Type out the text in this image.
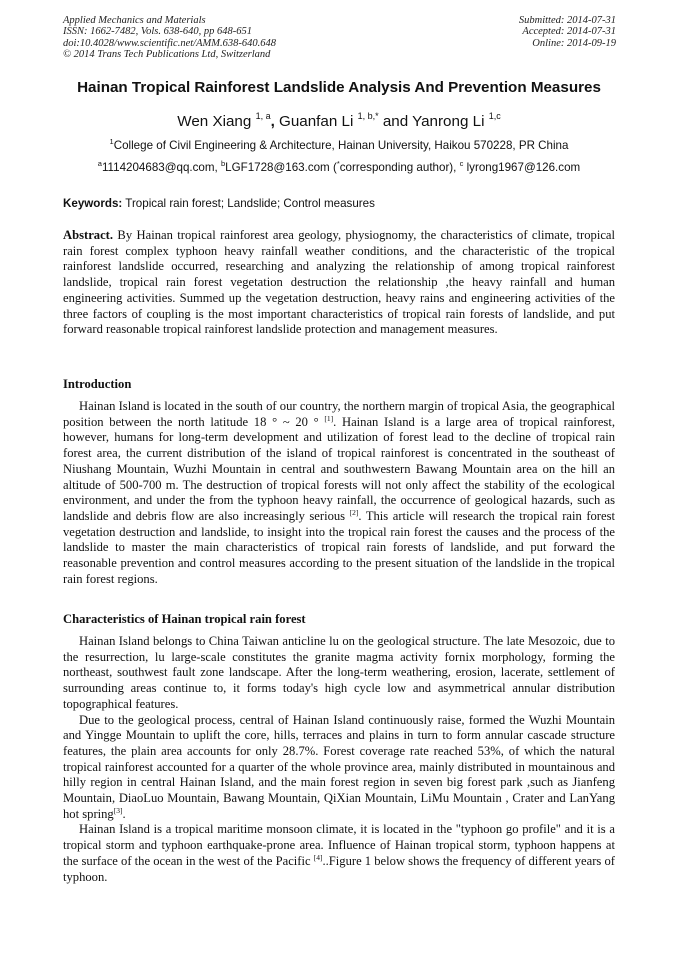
Applied Mechanics and Materials
ISSN: 1662-7482, Vols. 638-640, pp 648-651
doi:10.4028/www.scientific.net/AMM.638-640.648
© 2014 Trans Tech Publications Ltd, Switzerland
Submitted: 2014-07-31
Accepted: 2014-07-31
Online: 2014-09-19
Hainan Tropical Rainforest Landslide Analysis And Prevention Measures
Wen Xiang $^{1, a}$, Guanfan Li $^{1, b,*}$ and Yanrong Li $^{1,c}$
$^1$College of Civil Engineering & Architecture, Hainan University, Haikou 570228, PR China
$^a$1114204683@qq.com, $^b$LGF1728@163.com (*corresponding author), $^c$ lyrong1967@126.com
Keywords: Tropical rain forest; Landslide; Control measures

Abstract. By Hainan tropical rainforest area geology, physiognomy, the characteristics of climate, tropical rain forest complex typhoon heavy rainfall weather conditions, and the characteristic of the tropical rainforest landslide occurred, researching and analyzing the relationship of among tropical rainforest landslide, tropical rain forest vegetation destruction the relationship ,the heavy rainfall and human engineering activities. Summed up the vegetation destruction, heavy rains and engineering activities of the three factors of coupling is the most important characteristics of tropical rain forests of landslide, and put forward reasonable tropical rainforest landslide protection and management measures.

Introduction

Hainan Island is located in the south of our country, the northern margin of tropical Asia, the geographical position between the north latitude 18 ° ~ 20 ° [1]. Hainan Island is a large area of tropical rainforest, however, humans for long-term development and utilization of forest lead to the decline of tropical rain forest area, the current distribution of the island of tropical rainforest is concentrated in the southeast of Niushang Mountain, Wuzhi Mountain in central and southwestern Bawang Mountain area on the hill an altitude of 500-700 m. The destruction of tropical forests will not only affect the stability of the ecological environment, and under the from the typhoon heavy rainfall, the occurrence of geological hazards, such as landslide and debris flow are also increasingly serious [2]. This article will research the tropical rain forest vegetation destruction and landslide, to insight into the tropical rain forest the causes and the process of the landslide to master the main characteristics of tropical rain forests of landslide, and put forward the reasonable prevention and control measures according to the present situation of the landslide in the tropical rain forest regions.

Characteristics of Hainan tropical rain forest

Hainan Island belongs to China Taiwan anticline lu on the geological structure. The late Mesozoic, due to the resurrection, lu large-scale constitutes the granite magma activity fornix morphology, forming the northeast, southwest fault zone landscape. After the long-term weathering, erosion, lacerate, settlement of surrounding areas continue to, it forms today's high cycle low and asymmetrical annular distribution topographical features.

Due to the geological process, central of Hainan Island continuously raise, formed the Wuzhi Mountain and Yingge Mountain to uplift the core, hills, terraces and plains in turn to form annular cascade structure features, the plain area accounts for only 28.7%. Forest coverage rate reached 53%, of which the natural tropical rainforest accounted for a quarter of the whole province area, mainly distributed in mountainous and hilly region in central Hainan Island, and the main forest region in seven big forest park ,such as Jianfeng Mountain, DiaoLuo Mountain, Bawang Mountain, QiXian Mountain, LiMu Mountain , Crater and LanYang hot spring[3].

Hainan Island is a tropical maritime monsoon climate, it is located in the "typhoon go profile" and it is a tropical storm and typhoon earthquake-prone area. Influence of Hainan tropical storm, typhoon happens at the surface of the ocean in the west of the Pacific [4]..Figure 1 below shows the frequency of different years of typhoon.
